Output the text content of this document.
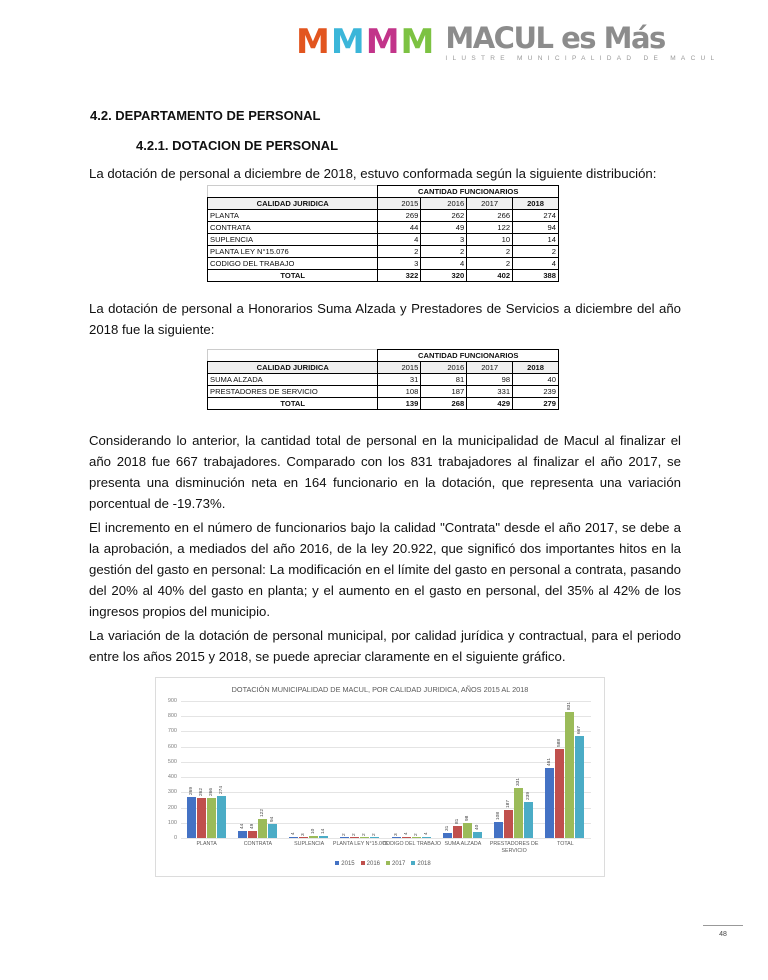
M M M M MACUL es Más
ILUSTRE MUNICIPALIDAD DE MACUL
4.2. DEPARTAMENTO DE PERSONAL
4.2.1. DOTACION DE PERSONAL
La dotación de personal a diciembre de 2018, estuvo conformada según la siguiente distribución:
	CANTIDAD FUNCIONARIOS			
CALIDAD JURIDICA	2015	2016	2017	2018
PLANTA	269	262	266	274
CONTRATA	44	49	122	94
SUPLENCIA	4	3	10	14
PLANTA LEY N°15.076	2	2	2	2
CODIGO DEL TRABAJO	3	4	2	4
TOTAL	322	320	402	388
La dotación de personal a Honorarios Suma Alzada y Prestadores de Servicios a diciembre del año 2018 fue la siguiente:
	CANTIDAD FUNCIONARIOS			
CALIDAD JURIDICA	2015	2016	2017	2018
SUMA ALZADA	31	81	98	40
PRESTADORES DE SERVICIO	108	187	331	239
TOTAL	139	268	429	279
Considerando lo anterior, la cantidad total de personal en la municipalidad de Macul al finalizar el año 2018 fue 667 trabajadores. Comparado con los 831 trabajadores al finalizar el año 2017, se presenta una disminución neta en 164 funcionario en la dotación, que representa una variación porcentual de -19.73%.
El incremento en el número de funcionarios bajo la calidad "Contrata" desde el año 2017, se debe a la aprobación, a mediados del año 2016, de la ley 20.922, que significó dos importantes hitos en la gestión del gasto en personal: La modificación en el límite del gasto en personal a contrata, pasando del 20% al 40% del gasto en planta; y el aumento en el gasto en personal, del 35% al 42% de los ingresos propios del municipio.
La variación de la dotación de personal municipal, por calidad jurídica y contractual, para el periodo entre los años 2015 y 2018, se puede apreciar claramente en el siguiente gráfico.
DOTACIÓN MUNICIPALIDAD DE MACUL, POR CALIDAD JURIDICA, AÑOS 2015 AL 2018
0
100
200
300
400
500
600
700
800
900
269 262 266 274
PLANTA
44 49
122
94
CONTRATA
4 3 10 14
SUPLENCIA
2 2 2 2
PLANTA LEY N°15.076
3 4 2 4
CODIGO DEL TRABAJO
31
81 98
40
SUMA ALZADA
108
187
331
239
PRESTADORES DE SERVICIO
461
588
831
667
TOTAL
2015 2016 2017 2018
48
